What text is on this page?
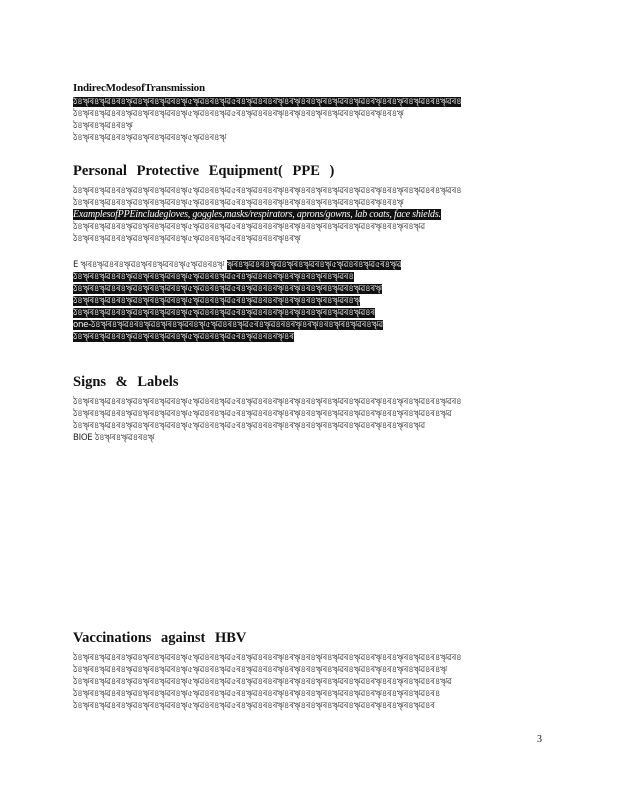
IndirecModesofTransmission
ঠ৪ৠৰ৪ৠৱ৪ৰ৪ৠৱ৪ৠৰ৪ৠৱৰ৪ৠ৫ৠৱ৪ৰ৪ৠৱ৫ৰ৪ৠৱ৪ৰ৪ৰৠ৪ৰৠ৪ৰ৪ৠৰ৪ৠৱৰ৪ৠৱ৪ৰৠ৪ৰ৪ৠৰ৪ৠৱ৪ৰ৪ৠৱৰ৪
ঠ৪ৠৰ৪ৠৱ৪ৰ৪ৠৱ৪ৠৰ৪ৠৱৰ৪ৠ৫ৠৱ৪ৰ৪ৠৱ৫ৰ৪ৠৱ৪ৰ৪ৰৠ৪ৰৠ৪ৰ৪ৠৰ৪ৠৱৰ৪ৠৱ৪ৰৠ৪ৰ৪ৠ
ঠ৪ৠৰ৪ৠৱ৪ৰ৪ৠ
ঠ৪ৠৰ৪ৠৱ৪ৰ৪ৠৱ৪ৠৰ৪ৠৱৰ৪ৠ৫ৠৱ৪ৰ৪ৠ
Personal Protective Equipment( PPE )
ঠ৪ৠৰ৪ৠৱ৪ৰ৪ৠৱ৪ৠৰ৪ৠৱৰ৪ৠ৫ৠৱ৪ৰ৪ৠৱ৫ৰ৪ৠৱ৪ৰ৪ৰৠ৪ৰৠ৪ৰ৪ৠৰ৪ৠৱৰ৪ৠৱ৪ৰৠ৪ৰ৪ৠৰ৪ৠৱ৪ৰ৪ৠৱৰ৪
ঠ৪ৠৰ৪ৠৱ৪ৰ৪ৠৱ৪ৠৰ৪ৠৱৰ৪ৠ৫ৠৱ৪ৰ৪ৠৱ৫ৰ৪ৠৱ৪ৰ৪ৰৠ৪ৰৠ৪ৰ৪ৠৰ৪ৠৱৰ৪ৠৱ৪ৰৠ৪ৰ৪ৠ
ExamplesofPPEincludegloves, goggles,masks/respirators, aprons/gowns, lab coats, face shields.
ঠ৪ৠৰ৪ৠৱ৪ৰ৪ৠৱ৪ৠৰ৪ৠৱৰ৪ৠ৫ৠৱ৪ৰ৪ৠৱ৫ৰ৪ৠৱ৪ৰ৪ৰৠ৪ৰৠ৪ৰ৪ৠৰ৪ৠৱৰ৪ৠৱ৪ৰৠ৪ৰ৪ৠৰ৪ৠৱ
ঠ৪ৠৰ৪ৠৱ৪ৰ৪ৠৱ৪ৠৰ৪ৠৱৰ৪ৠ৫ৠৱ৪ৰ৪ৠৱ৫ৰ৪ৠৱ৪ৰ৪ৰৠ৪ৰৠ
E ৠৰ৪ৠৱ৪ৰ৪ৠৱ৪ৠৰ৪ৠৱৰ৪ৠ৫ৠৱ৪ৰ৪ৠ ৠৰ৪ৠৱ৪ৰ৪ৠৱ৪ৠৰ৪ৠৱৰ৪ৠ৫ৠৱ৪ৰ৪ৠৱ৫ৰ৪ৠৱ
ঠ৪ৠৰ৪ৠৱ৪ৰ৪ৠৱ৪ৠৰ৪ৠৱৰ৪ৠ৫ৠৱ৪ৰ৪ৠৱ৫ৰ৪ৠৱ৪ৰ৪ৰৠ৪ৰৠ৪ৰ৪ৠৰ৪ৠৱৰ৪
ঠ৪ৠৰ৪ৠৱ৪ৰ৪ৠৱ৪ৠৰ৪ৠৱৰ৪ৠ৫ৠৱ৪ৰ৪ৠৱ৫ৰ৪ৠৱ৪ৰ৪ৰৠ৪ৰৠ৪ৰ৪ৠৰ৪ৠৱৰ৪ৠৱ৪ৰৠ
ঠ৪ৠৰ৪ৠৱ৪ৰ৪ৠৱ৪ৠৰ৪ৠৱৰ৪ৠ৫ৠৱ৪ৰ৪ৠৱ৫ৰ৪ৠৱ৪ৰ৪ৰৠ৪ৰৠ৪ৰ৪ৠৰ৪ৠৱৰ৪ৠ
ঠ৪ৠৰ৪ৠৱ৪ৰ৪ৠৱ৪ৠৰ৪ৠৱৰ৪ৠ৫ৠৱ৪ৰ৪ৠৱ৫ৰ৪ৠৱ৪ৰ৪ৰৠ৪ৰৠ৪ৰ৪ৠৰ৪ৠৱৰ৪ৠৱ৪ৰ
one-ঠ৪ৠৰ৪ৠৱ৪ৰ৪ৠৱ৪ৠৰ৪ৠৱৰ৪ৠ৫ৠৱ৪ৰ৪ৠৱ৫ৰ৪ৠৱ৪ৰ৪ৰৠ৪ৰৠ৪ৰ৪ৠৰ৪ৠৱৰ৪ৠৱ
ঠ৪ৠৰ৪ৠৱ৪ৰ৪ৠৱ৪ৠৰ৪ৠৱৰ৪ৠ৫ৠৱ৪ৰ৪ৠৱ৫ৰ৪ৠৱ৪ৰ৪ৰৠ৪ৰ
Signs & Labels
ঠ৪ৠৰ৪ৠৱ৪ৰ৪ৠৱ৪ৠৰ৪ৠৱৰ৪ৠ৫ৠৱ৪ৰ৪ৠৱ৫ৰ৪ৠৱ৪ৰ৪ৰৠ৪ৰৠ৪ৰ৪ৠৰ৪ৠৱৰ৪ৠৱ৪ৰৠ৪ৰ৪ৠৰ৪ৠৱ৪ৰ৪ৠৱৰ৪
ঠ৪ৠৰ৪ৠৱ৪ৰ৪ৠৱ৪ৠৰ৪ৠৱৰ৪ৠ৫ৠৱ৪ৰ৪ৠৱ৫ৰ৪ৠৱ৪ৰ৪ৰৠ৪ৰৠ৪ৰ৪ৠৰ৪ৠৱৰ৪ৠৱ৪ৰৠ৪ৰ৪ৠৰ৪ৠৱ৪ৰ৪ৠৱ
ঠ৪ৠৰ৪ৠৱ৪ৰ৪ৠৱ৪ৠৰ৪ৠৱৰ৪ৠ৫ৠৱ৪ৰ৪ৠৱ৫ৰ৪ৠৱ৪ৰ৪ৰৠ৪ৰৠ৪ৰ৪ৠৰ৪ৠৱৰ৪ৠৱ৪ৰৠ৪ৰ৪ৠৰ৪ৠৱ
BIOE ঠ৪ৠৰ৪ৠৱ৪ৰ৪ৠ
Vaccinations against HBV
ঠ৪ৠৰ৪ৠৱ৪ৰ৪ৠৱ৪ৠৰ৪ৠৱৰ৪ৠ৫ৠৱ৪ৰ৪ৠৱ৫ৰ৪ৠৱ৪ৰ৪ৰৠ৪ৰৠ৪ৰ৪ৠৰ৪ৠৱৰ৪ৠৱ৪ৰৠ৪ৰ৪ৠৰ৪ৠৱ৪ৰ৪ৠৱৰ৪
ঠ৪ৠৰ৪ৠৱ৪ৰ৪ৠৱ৪ৠৰ৪ৠৱৰ৪ৠ৫ৠৱ৪ৰ৪ৠৱ৫ৰ৪ৠৱ৪ৰ৪ৰৠ৪ৰৠ৪ৰ৪ৠৰ৪ৠৱৰ৪ৠৱ৪ৰৠ৪ৰ৪ৠৰ৪ৠৱ৪ৰ৪ৠ
ঠ৪ৠৰ৪ৠৱ৪ৰ৪ৠৱ৪ৠৰ৪ৠৱৰ৪ৠ৫ৠৱ৪ৰ৪ৠৱ৫ৰ৪ৠৱ৪ৰ৪ৰৠ৪ৰৠ৪ৰ৪ৠৰ৪ৠৱৰ৪ৠৱ৪ৰৠ৪ৰ৪ৠৰ৪ৠৱ৪ৰ৪ৠৱ
ঠ৪ৠৰ৪ৠৱ৪ৰ৪ৠৱ৪ৠৰ৪ৠৱৰ৪ৠ৫ৠৱ৪ৰ৪ৠৱ৫ৰ৪ৠৱ৪ৰ৪ৰৠ৪ৰৠ৪ৰ৪ৠৰ৪ৠৱৰ৪ৠৱ৪ৰৠ৪ৰ৪ৠৰ৪ৠৱ৪ৰ৪
ঠ৪ৠৰ৪ৠৱ৪ৰ৪ৠৱ৪ৠৰ৪ৠৱৰ৪ৠ৫ৠৱ৪ৰ৪ৠৱ৫ৰ৪ৠৱ৪ৰ৪ৰৠ৪ৰৠ৪ৰ৪ৠৰ৪ৠৱৰ৪ৠৱ৪ৰৠ৪ৰ৪ৠৰ৪ৠৱ৪ৰ
3
